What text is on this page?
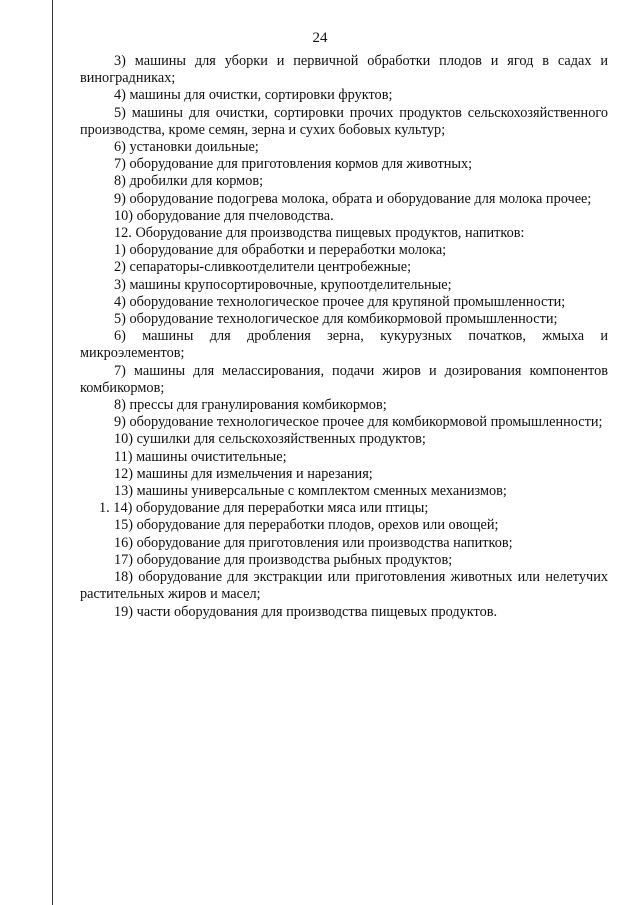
24

3) машины для уборки и первичной обработки плодов и ягод в садах и виноградниках;

4) машины для очистки, сортировки фруктов;

5) машины для очистки, сортировки прочих продуктов сельскохозяйственного производства, кроме семян, зерна и сухих бобовых культур;

6) установки доильные;

7) оборудование для приготовления кормов для животных;

8) дробилки для кормов;

9) оборудование подогрева молока, обрата и оборудование для молока прочее;

10) оборудование для пчеловодства.

12. Оборудование для производства пищевых продуктов, напитков:

1) оборудование для обработки и переработки молока;

2) сепараторы-сливкоотделители центробежные;

3) машины крупосортировочные, крупоотделительные;

4) оборудование технологическое прочее для крупяной промышленности;

5) оборудование технологическое для комбикормовой промышленности;

6) машины для дробления зерна, кукурузных початков, жмыха и микроэлементов;

7) машины для мелассирования, подачи жиров и дозирования компонентов комбикормов;

8) прессы для гранулирования комбикормов;

9) оборудование технологическое прочее для комбикормовой промышленности;

10) сушилки для сельскохозяйственных продуктов;

11) машины очистительные;

12) машины для измельчения и нарезания;

13) машины универсальные с комплектом сменных механизмов;

1. 14) оборудование для переработки мяса или птицы;

15) оборудование для переработки плодов, орехов или овощей;

16) оборудование для приготовления или производства напитков;

17) оборудование для производства рыбных продуктов;

18) оборудование для экстракции или приготовления животных или нелетучих растительных жиров и масел;

19) части оборудования для производства пищевых продуктов.
